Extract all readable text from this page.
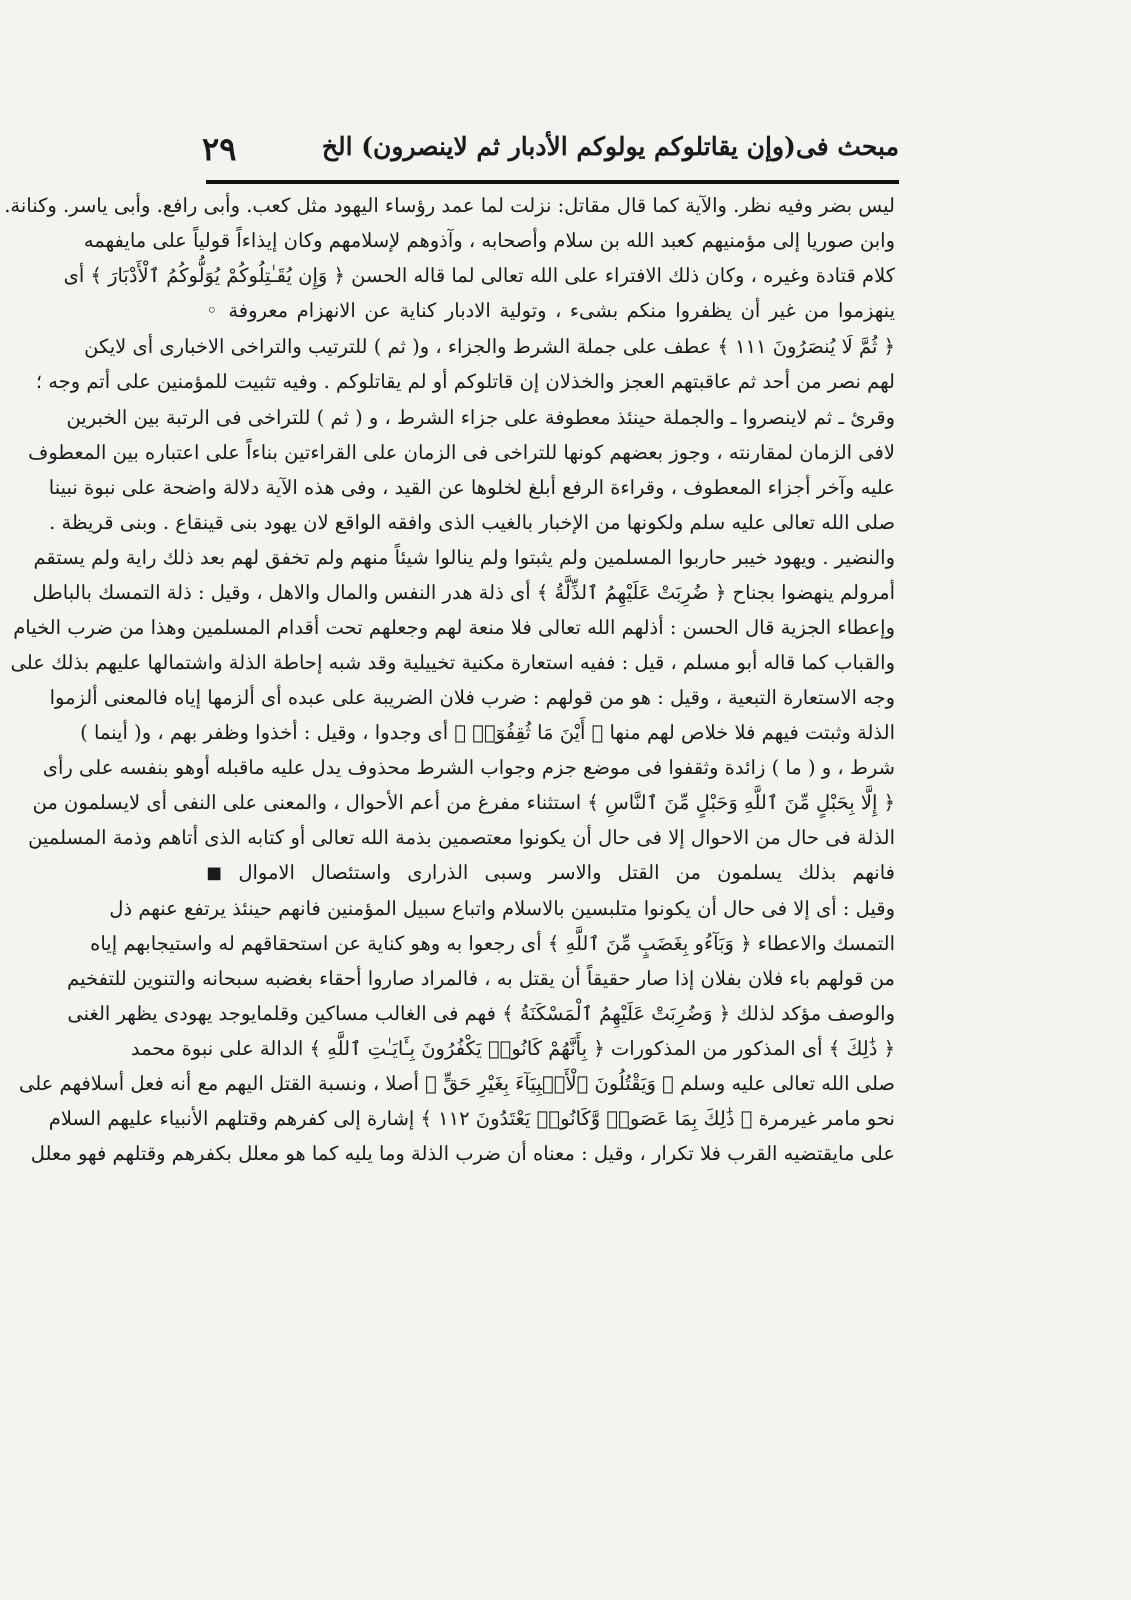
مبحث فى(وإن يقاتلوكم يولوكم الأدبار ثم لاينصرون) الخ
٢٩
ليس بضر وفيه نظر. والآية كما قال مقاتل: نزلت لما عمد رؤساء اليهود مثل كعب. وأبى رافع. وأبى ياسر. وكنانة.
وابن صوريا إلى مؤمنيهم كعبد الله بن سلام وأصحابه ، وآذوهم لإسلامهم وكان إيذاءاً قولياً على مايفهمه
كلام قتادة وغيره ، وكان ذلك الافتراء على الله تعالى لما قاله الحسن ﴿ وَإِن يُقَـٰتِلُوكُمْ يُوَلُّوكُمُ ٱلْأَدْبَارَ ﴾ أى
ينهزموا من غير أن يظفروا منكم بشىء ، وتولية الادبار كناية عن الانهزام معروفة ◦
﴿ ثُمَّ لَا يُنصَرُونَ ١١١ ﴾ عطف على جملة الشرط والجزاء ، و( ثم ) للترتيب والتراخى الاخبارى أى لايكن
لهم نصر من أحد ثم عاقبتهم العجز والخذلان إن قاتلوكم أو لم يقاتلوكم . وفيه تثبيت للمؤمنين على أتم وجه ؛
وقرئ ـ ثم لاينصروا ـ والجملة حينئذ معطوفة على جزاء الشرط ، و ( ثم ) للتراخى فى الرتبة بين الخبرين
لافى الزمان لمقارنته ، وجوز بعضهم كونها للتراخى فى الزمان على القراءتين بناءاً على اعتباره بين المعطوف
عليه وآخر أجزاء المعطوف ، وقراءة الرفع أبلغ لخلوها عن القيد ، وفى هذه الآية دلالة واضحة على نبوة نبينا
صلى الله تعالى عليه سلم ولكونها من الإخبار بالغيب الذى وافقه الواقع لان يهود بنى قينقاع . وبنى قريظة .
والنضير . ويهود خيبر حاربوا المسلمين ولم يثبتوا ولم ينالوا شيئاً منهم ولم تخفق لهم بعد ذلك راية ولم يستقم
أمرولم ينهضوا بجناح ﴿ ضُرِبَتْ عَلَيْهِمُ ٱلذِّلَّةُ ﴾ أى ذلة هدر النفس والمال والاهل ، وقيل : ذلة التمسك بالباطل
وإعطاء الجزية قال الحسن : أذلهم الله تعالى فلا منعة لهم وجعلهم تحت أقدام المسلمين وهذا من ضرب الخيام
والقباب كما قاله أبو مسلم ، قيل : ففيه استعارة مكنية تخييلية وقد شبه إحاطة الذلة واشتمالها عليهم بذلك على
وجه الاستعارة التبعية ، وقيل : هو من قولهم : ضرب فلان الضريبة على عبده أى ألزمها إياه فالمعنى ألزموا
الذلة وثبتت فيهم فلا خلاص لهم منها ﴿ أَيْنَ مَا ثُقِفُوٓا۟ ﴾ أى وجدوا ، وقيل : أخذوا وظفر بهم ، و( أينما )
شرط ، و ( ما ) زائدة وثقفوا فى موضع جزم وجواب الشرط محذوف يدل عليه ماقبله أوهو بنفسه على رأى
﴿ إِلَّا بِحَبْلٍ مِّنَ ٱللَّهِ وَحَبْلٍ مِّنَ ٱلنَّاسِ ﴾ استثناء مفرغ من أعم الأحوال ، والمعنى على النفى أى لايسلمون من
الذلة فى حال من الاحوال إلا فى حال أن يكونوا معتصمين بذمة الله تعالى أو كتابه الذى أتاهم وذمة المسلمين
فانهم بذلك يسلمون من القتل والاسر وسبى الذرارى واستئصال الاموال ◼
وقيل : أى إلا فى حال أن يكونوا متلبسين بالاسلام واتباع سبيل المؤمنين فانهم حينئذ يرتفع عنهم ذل
التمسك والاعطاء ﴿ وَبَآءُو بِغَضَبٍ مِّنَ ٱللَّهِ ﴾ أى رجعوا به وهو كناية عن استحقاقهم له واستيجابهم إياه
من قولهم باء فلان بفلان إذا صار حقيقاً أن يقتل به ، فالمراد صاروا أحقاء بغضبه سبحانه والتنوين للتفخيم
والوصف مؤكد لذلك ﴿ وَضُرِبَتْ عَلَيْهِمُ ٱلْمَسْكَنَةُ ﴾ فهم فى الغالب مساكين وقلمايوجد يهودى يظهر الغنى
﴿ ذَٰلِكَ ﴾ أى المذكور من المذكورات ﴿ بِأَنَّهُمْ كَانُوا۟ يَكْفُرُونَ بِـَٔايَـٰتِ ٱللَّهِ ﴾ الدالة على نبوة محمد
صلى الله تعالى عليه وسلم ﴿ وَيَقْتُلُونَ ٱلْأَنۢبِيَآءَ بِغَيْرِ حَقٍّ ﴾ أصلا ، ونسبة القتل اليهم مع أنه فعل أسلافهم على
نحو مامر غيرمرة ﴿ ذَٰلِكَ بِمَا عَصَوا۟ وَّكَانُوا۟ يَعْتَدُونَ ١١٢ ﴾ إشارة إلى كفرهم وقتلهم الأنبياء عليهم السلام
على مايقتضيه القرب فلا تكرار ، وقيل : معناه أن ضرب الذلة وما يليه كما هو معلل بكفرهم وقتلهم فهو معلل
